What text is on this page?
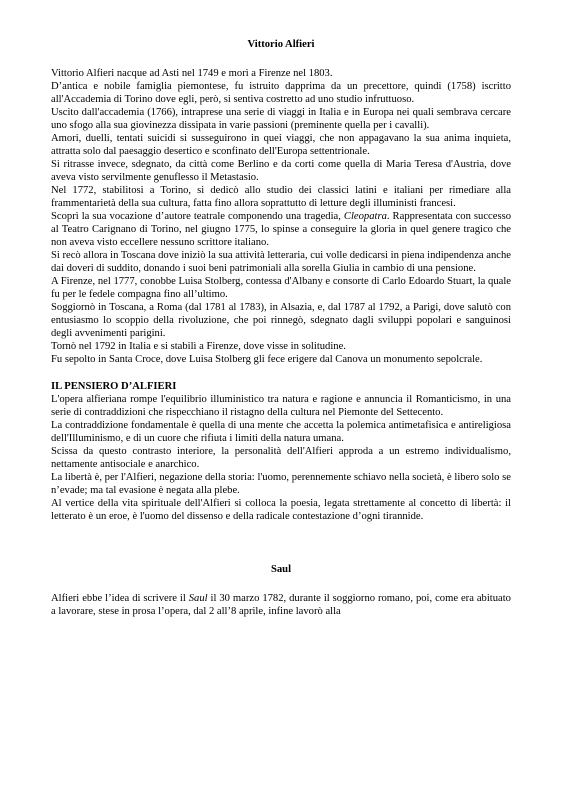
Vittorio Alfieri

Vittorio Alfieri nacque ad Asti nel 1749 e morì a Firenze nel 1803.

D’antica e nobile famiglia piemontese, fu istruito dapprima da un precettore, quindi (1758) iscritto all'Accademia di Torino dove egli, però, si sentiva costretto ad uno studio infruttuoso.

Uscito dall'accademia (1766), intraprese una serie di viaggi in Italia e in Europa nei quali sembrava cercare uno sfogo alla sua giovinezza dissipata in varie passioni (preminente quella per i cavalli).

Amori, duelli, tentati suicidi si susseguirono in quei viaggi, che non appagavano la sua anima inquieta, attratta solo dal paesaggio desertico e sconfinato dell'Europa settentrionale.

Si ritrasse invece, sdegnato, da città come Berlino e da corti come quella di Maria Teresa d'Austria, dove aveva visto servilmente genuflesso il Metastasio.

Nel 1772, stabilitosi a Torino, si dedicò allo studio dei classici latini e italiani per rimediare alla frammentarietà della sua cultura, fatta fino allora soprattutto di letture degli illuministi francesi.

Scoprì la sua vocazione d’autore teatrale componendo una tragedia, Cleopatra. Rappresentata con successo al Teatro Carignano di Torino, nel giugno 1775, lo spinse a conseguire la gloria in quel genere tragico che non aveva visto eccellere nessuno scrittore italiano.

Si recò allora in Toscana dove iniziò la sua attività letteraria, cui volle dedicarsi in piena indipendenza anche dai doveri di suddito, donando i suoi beni patrimoniali alla sorella Giulia in cambio di una pensione.

A Firenze, nel 1777, conobbe Luisa Stolberg, contessa d'Albany e consorte di Carlo Edoardo Stuart, la quale fu per le fedele compagna fino all’ultimo.

Soggiornò in Toscana, a Roma (dal 1781 al 1783), in Alsazia, e, dal 1787 al 1792, a Parigi, dove salutò con entusiasmo lo scoppio della rivoluzione, che poi rinnegò, sdegnato dagli sviluppi popolari e sanguinosi degli avvenimenti parigini.

Tornò nel 1792 in Italia e si stabilì a Firenze, dove visse in solitudine.

Fu sepolto in Santa Croce, dove Luisa Stolberg gli fece erigere dal Canova un monumento sepolcrale.

IL PENSIERO D’ALFIERI

L'opera alfieriana rompe l'equilibrio illuministico tra natura e ragione e annuncia il Romanticismo, in una serie di contraddizioni che rispecchiano il ristagno della cultura nel Piemonte del Settecento.

La contraddizione fondamentale è quella di una mente che accetta la polemica antimetafisica e antireligiosa dell'Illuminismo, e di un cuore che rifiuta i limiti della natura umana.

Scissa da questo contrasto interiore, la personalità dell'Alfieri approda a un estremo individualismo, nettamente antisociale e anarchico.

La libertà è, per l'Alfieri, negazione della storia: l'uomo, perennemente schiavo nella società, è libero solo se n’evade; ma tal evasione è negata alla plebe.

Al vertice della vita spirituale dell'Alfieri si colloca la poesia, legata strettamente al concetto di libertà: il letterato è un eroe, è l'uomo del dissenso e della radicale contestazione d’ogni tirannide.

Saul

Alfieri ebbe l’idea di scrivere il Saul il 30 marzo 1782, durante il soggiorno romano, poi, come era abituato a lavorare, stese in prosa l’opera, dal 2 all’8 aprile, infine lavorò alla
